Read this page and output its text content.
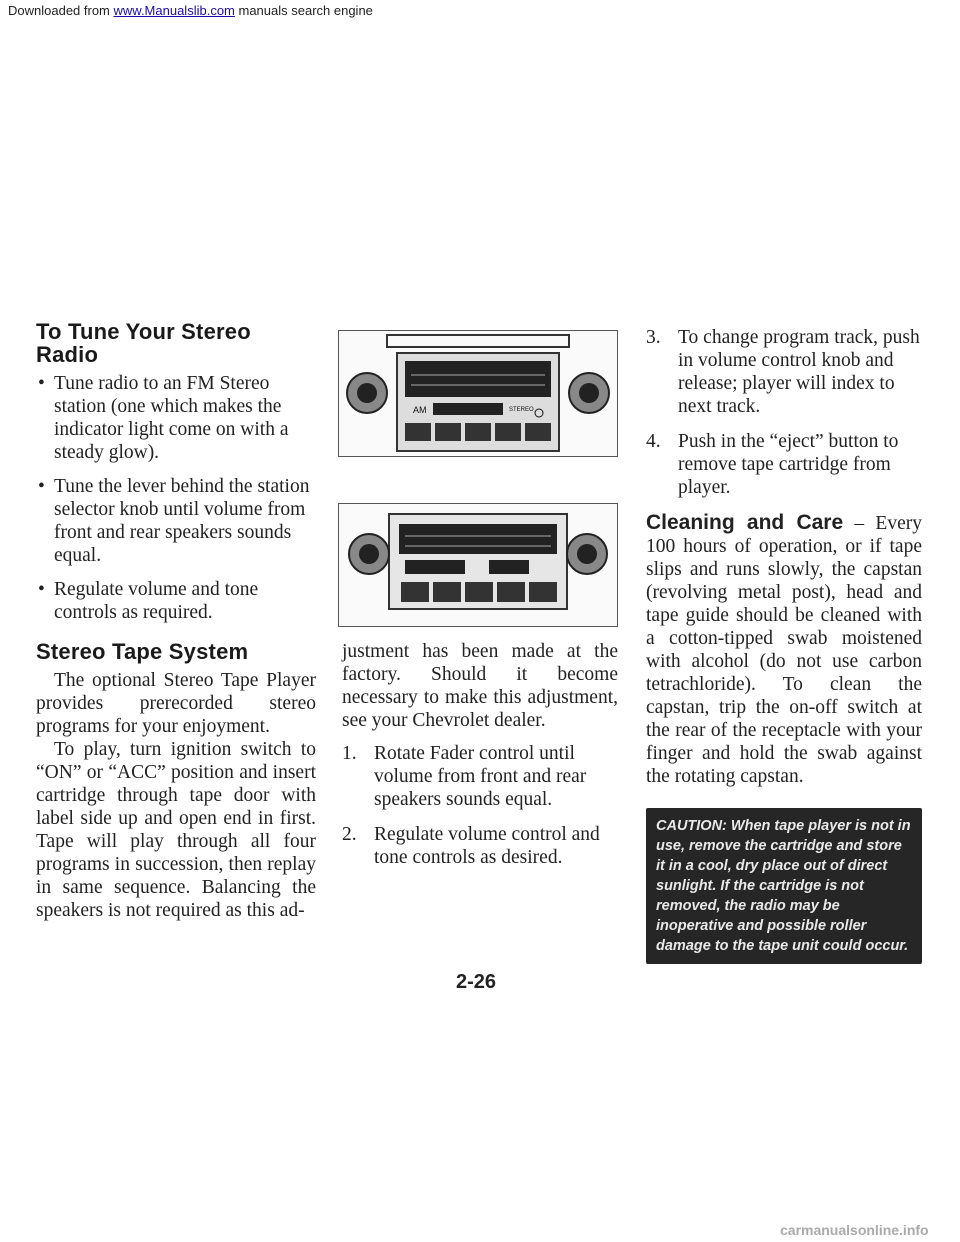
Downloaded from www.Manualslib.com manuals search engine
To Tune Your Stereo Radio
• Tune radio to an FM Stereo station (one which makes the indicator light come on with a steady glow).
• Tune the lever behind the station selector knob until volume from front and rear speakers sounds equal.
• Regulate volume and tone controls as required.
Stereo Tape System

The optional Stereo Tape Player provides prerecorded stereo programs for your enjoyment.

To play, turn ignition switch to “ON” or “ACC” position and insert cartridge through tape door with label side up and open end in first. Tape will play through all four programs in succession, then replay in same sequence. Balancing the speakers is not required as this ad-

AM	STEREO

justment has been made at the factory. Should it become necessary to make this adjustment, see your Chevrolet dealer.

1. Rotate Fader control until volume from front and rear speakers sounds equal.
2. Regulate volume control and tone controls as desired.
3. To change program track, push in volume control knob and release; player will index to next track.
4. Push in the “eject” button to remove tape cartridge from player.

Cleaning and Care – Every 100 hours of operation, or if tape slips and runs slowly, the capstan (revolving metal post), head and tape guide should be cleaned with a cotton-tipped swab moistened with alcohol (do not use carbon tetrachloride). To clean the capstan, trip the on-off switch at the rear of the receptacle with your finger and hold the swab against the rotating capstan.

CAUTION: When tape player is not in use, remove the cartridge and store it in a cool, dry place out of direct sunlight. If the cartridge is not removed, the radio may be inoperative and possible roller damage to the tape unit could occur.
2-26
carmanualsonline.info
